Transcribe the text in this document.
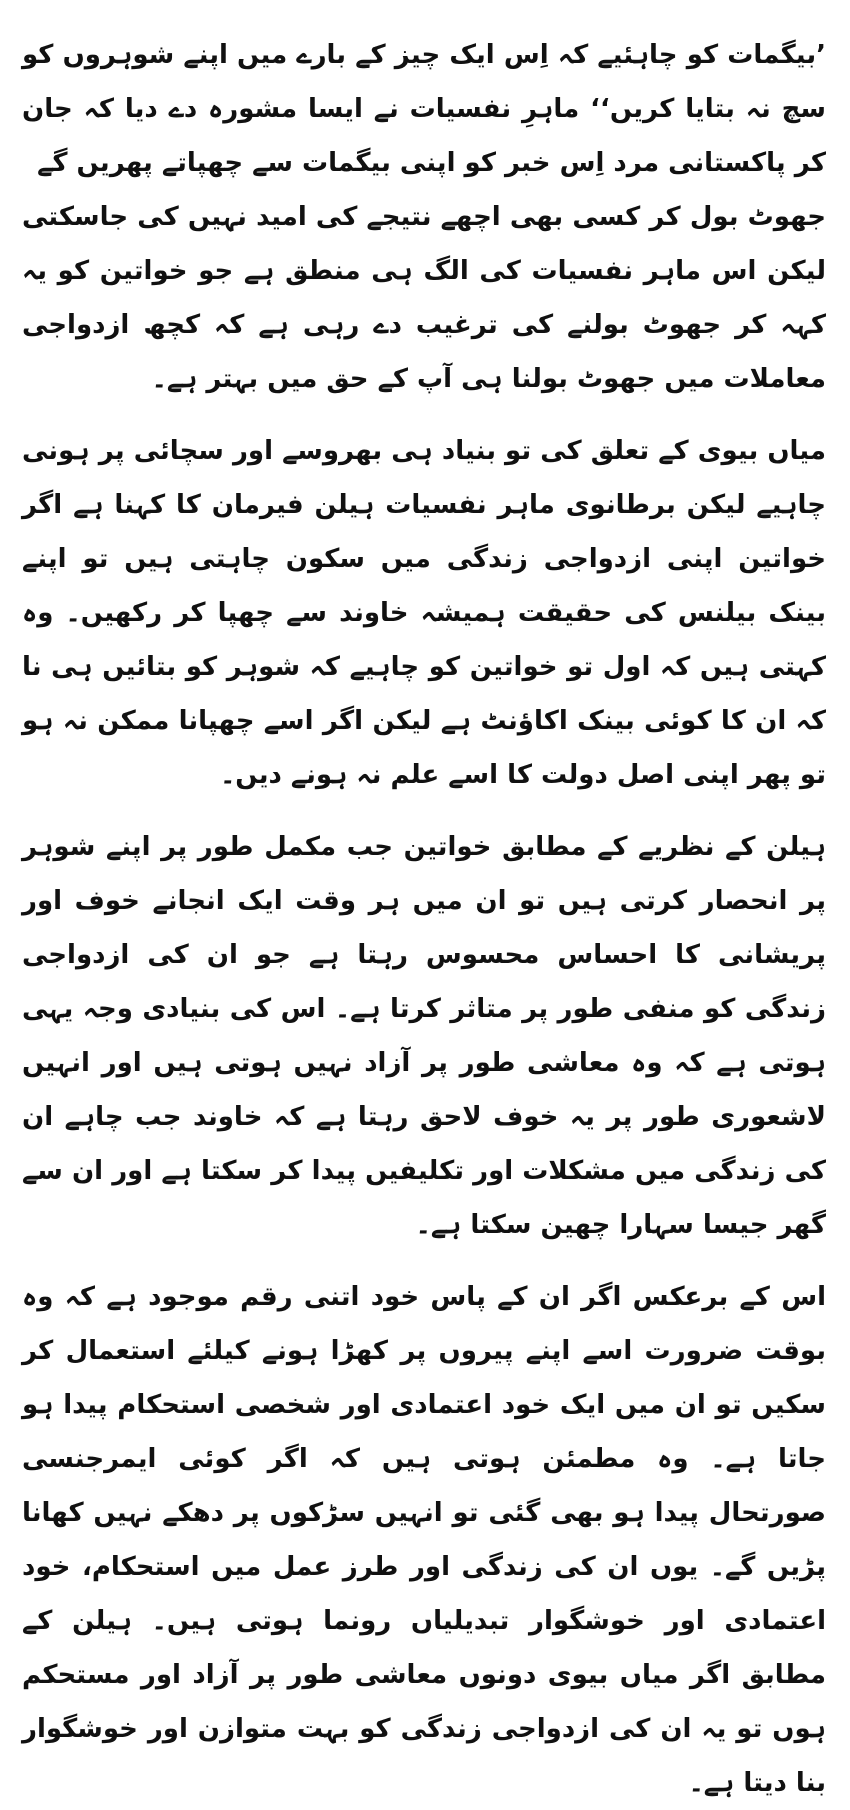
’بیگمات کو چاہئیے کہ اِس ایک چیز کے بارے میں اپنے شوہروں کو سچ نہ بتایا کریں‘‘ ماہرِ نفسیات نے ایسا مشورہ دے دیا کہ جان کر پاکستانی مرد اِس خبر کو اپنی بیگمات سے چھپاتے پھریں گے

جھوٹ بول کر کسی بھی اچھے نتیجے کی امید نہیں کی جاسکتی لیکن اس ماہر نفسیات کی الگ ہی منطق ہے جو خواتین کو یہ کہہ کر جھوٹ بولنے کی ترغیب دے رہی ہے کہ کچھ ازدواجی معاملات میں جھوٹ بولنا ہی آپ کے حق میں بہتر ہے۔

میاں بیوی کے تعلق کی تو بنیاد ہی بھروسے اور سچائی پر ہونی چاہیے لیکن برطانوی ماہر نفسیات ہیلن فیرمان کا کہنا ہے اگر خواتین اپنی ازدواجی زندگی میں سکون چاہتی ہیں تو اپنے بینک بیلنس کی حقیقت ہمیشہ خاوند سے چھپا کر رکھیں۔ وہ کہتی ہیں کہ اول تو خواتین کو چاہیے کہ شوہر کو بتائیں ہی نا کہ ان کا کوئی بینک اکاؤنٹ ہے لیکن اگر اسے چھپانا ممکن نہ ہو تو پھر اپنی اصل دولت کا اسے علم نہ ہونے دیں۔

ہیلن کے نظریے کے مطابق خواتین جب مکمل طور پر اپنے شوہر پر انحصار کرتی ہیں تو ان میں ہر وقت ایک انجانے خوف اور پریشانی کا احساس محسوس رہتا ہے جو ان کی ازدواجی زندگی کو منفی طور پر متاثر کرتا ہے۔ اس کی بنیادی وجہ یہی ہوتی ہے کہ وہ معاشی طور پر آزاد نہیں ہوتی ہیں اور انہیں لاشعوری طور پر یہ خوف لاحق رہتا ہے کہ خاوند جب چاہے ان کی زندگی میں مشکلات اور تکلیفیں پیدا کر سکتا ہے اور ان سے گھر جیسا سہارا چھین سکتا ہے۔

اس کے برعکس اگر ان کے پاس خود اتنی رقم موجود ہے کہ وہ بوقت ضرورت اسے اپنے پیروں پر کھڑا ہونے کیلئے استعمال کر سکیں تو ان میں ایک خود اعتمادی اور شخصی استحکام پیدا ہو جاتا ہے۔ وہ مطمئن ہوتی ہیں کہ اگر کوئی ایمرجنسی صورتحال پیدا ہو بھی گئی تو انہیں سڑکوں پر دھکے نہیں کھانا پڑیں گے۔ یوں ان کی زندگی اور طرز عمل میں استحکام، خود اعتمادی اور خوشگوار تبدیلیاں رونما ہوتی ہیں۔ ہیلن کے مطابق اگر میاں بیوی دونوں معاشی طور پر آزاد اور مستحکم ہوں تو یہ ان کی ازدواجی زندگی کو بہت متوازن اور خوشگوار بنا دیتا ہے۔
